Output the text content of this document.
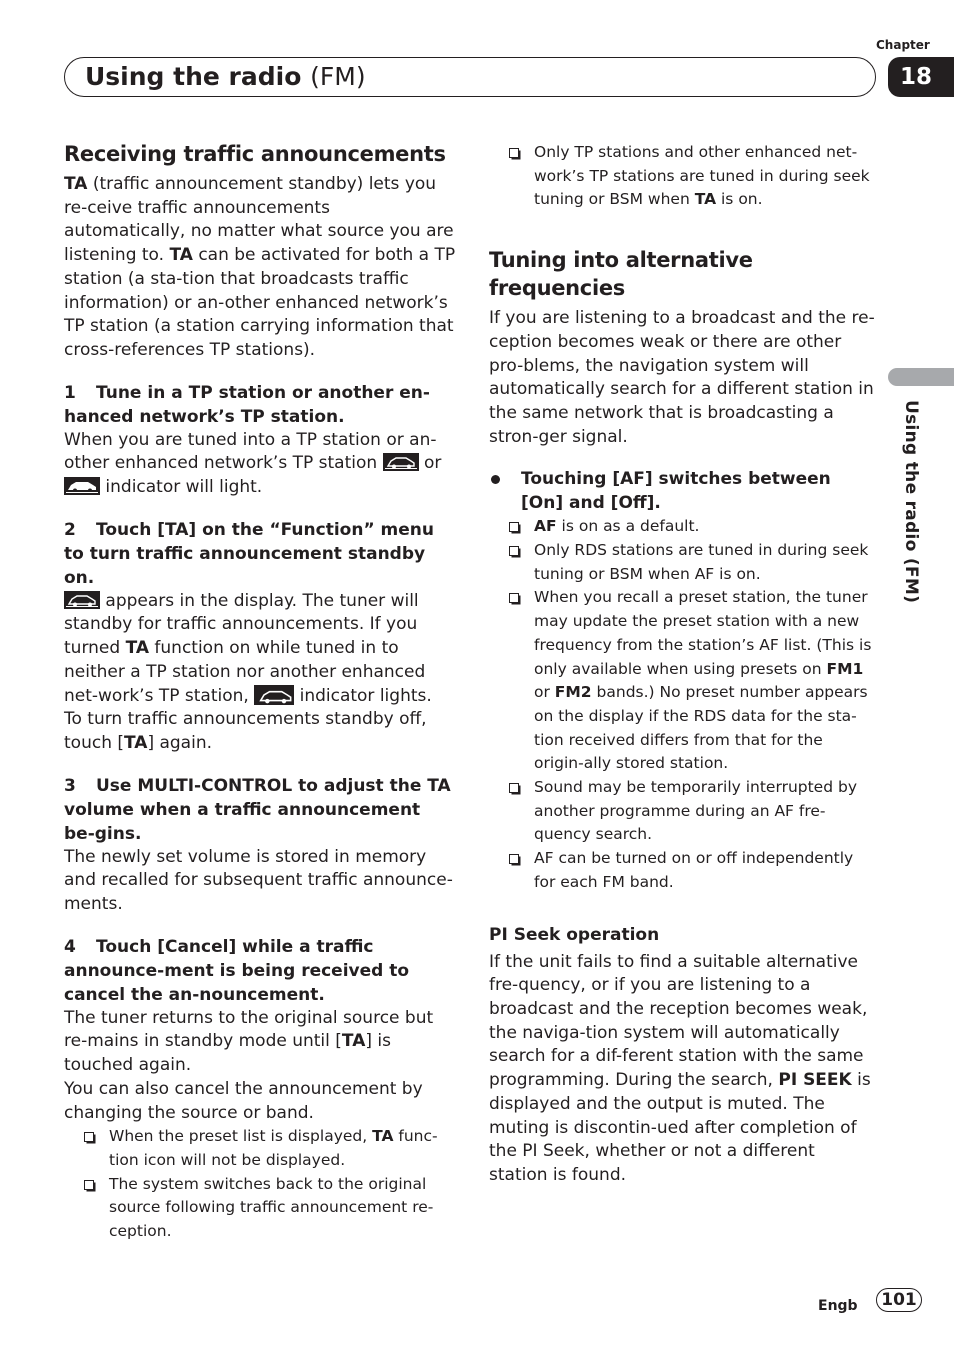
Chapter
18
Using the radio (FM)
Using the radio (FM)
Receiving traffic announcements

TA (traffic announcement standby) lets you re-ceive traffic announcements automatically, no matter what source you are listening to. TA can be activated for both a TP station (a sta-tion that broadcasts traffic information) or an-other enhanced network’s TP station (a station carrying information that cross-references TP stations).

1 Tune in a TP station or another en-hanced network’s TP station.

When you are tuned into a TP station or an-other enhanced network’s TP station  or
indicator will light.

2 Touch [TA] on the “Function” menu to turn traffic announcement standby on.

appears in the display. The tuner will standby for traffic announcements. If you turned TA function on while tuned in to neither a TP station nor another enhanced net-work’s TP station,  indicator lights.

To turn traffic announcements standby off, touch [TA] again.

3 Use MULTI-CONTROL to adjust the TA volume when a traffic announcement be-gins.

The newly set volume is stored in memory and recalled for subsequent traffic announce-ments.

4 Touch [Cancel] while a traffic announce-ment is being received to cancel the an-nouncement.

The tuner returns to the original source but re-mains in standby mode until [TA] is touched again.

You can also cancel the announcement by changing the source or band.

When the preset list is displayed, TA func-tion icon will not be displayed.
The system switches back to the original source following traffic announcement re-ception.
Only TP stations and other enhanced net-work’s TP stations are tuned in during seek tuning or BSM when TA is on.
Tuning into alternative frequencies

If you are listening to a broadcast and the re-ception becomes weak or there are other pro-blems, the navigation system will automatically search for a different station in the same network that is broadcasting a stron-ger signal.

Touching [AF] switches between [On] and [Off].
AF is on as a default.
Only RDS stations are tuned in during seek tuning or BSM when AF is on.
When you recall a preset station, the tuner may update the preset station with a new frequency from the station’s AF list. (This is only available when using presets on FM1 or FM2 bands.) No preset number appears on the display if the RDS data for the sta-tion received differs from that for the origin-ally stored station.
Sound may be temporarily interrupted by another programme during an AF fre-quency search.
AF can be turned on or off independently for each FM band.
PI Seek operation

If the unit fails to find a suitable alternative fre-quency, or if you are listening to a broadcast and the reception becomes weak, the naviga-tion system will automatically search for a dif-ferent station with the same programming. During the search, PI SEEK is displayed and the output is muted. The muting is discontin-ued after completion of the PI Seek, whether or not a different station is found.

Engb	101
